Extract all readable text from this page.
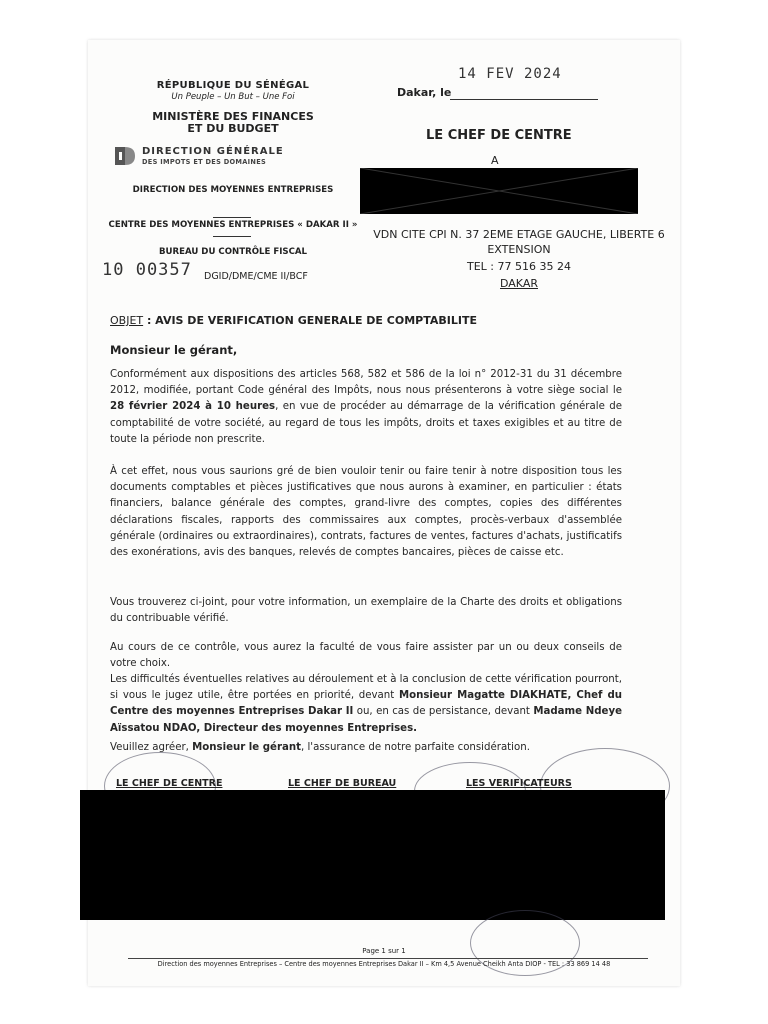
RÉPUBLIQUE DU SÉNÉGAL
Un Peuple – Un But – Une Foi
MINISTÈRE DES FINANCES
ET DU BUDGET
DIRECTION GÉNÉRALE
DES IMPOTS ET DES DOMAINES
DIRECTION DES MOYENNES ENTREPRISES
CENTRE DES MOYENNES ENTREPRISES « DAKAR II »
BUREAU DU CONTRÔLE FISCAL
10 00357 DGID/DME/CME II/BCF
Dakar, le
14 FEV 2024
LE CHEF DE CENTRE
A
VDN CITE CPI N. 37 2EME ETAGE GAUCHE, LIBERTE 6
EXTENSION
TEL : 77 516 35 24
DAKAR
OBJET : AVIS DE VERIFICATION GENERALE DE COMPTABILITE
Monsieur le gérant,
Conformément aux dispositions des articles 568, 582 et 586 de la loi n° 2012-31 du 31 décembre 2012, modifiée, portant Code général des Impôts, nous nous présenterons à votre siège social le 28 février 2024 à 10 heures, en vue de procéder au démarrage de la vérification générale de comptabilité de votre société, au regard de tous les impôts, droits et taxes exigibles et au titre de toute la période non prescrite.
À cet effet, nous vous saurions gré de bien vouloir tenir ou faire tenir à notre disposition tous les documents comptables et pièces justificatives que nous aurons à examiner, en particulier : états financiers, balance générale des comptes, grand-livre des comptes, copies des différentes déclarations fiscales, rapports des commissaires aux comptes, procès-verbaux d'assemblée générale (ordinaires ou extraordinaires), contrats, factures de ventes, factures d'achats, justificatifs des exonérations, avis des banques, relevés de comptes bancaires, pièces de caisse etc.
Vous trouverez ci-joint, pour votre information, un exemplaire de la Charte des droits et obligations du contribuable vérifié.
Au cours de ce contrôle, vous aurez la faculté de vous faire assister par un ou deux conseils de votre choix.
Les difficultés éventuelles relatives au déroulement et à la conclusion de cette vérification pourront, si vous le jugez utile, être portées en priorité, devant Monsieur Magatte DIAKHATE, Chef du Centre des moyennes Entreprises Dakar II ou, en cas de persistance, devant Madame Ndeye Aïssatou NDAO, Directeur des moyennes Entreprises.
Veuillez agréer, Monsieur le gérant, l'assurance de notre parfaite considération.
LE CHEF DE CENTRE	LE CHEF DE BUREAU	LES VERIFICATEURS
Page 1 sur 1
Direction des moyennes Entreprises – Centre des moyennes Entreprises Dakar II – Km 4,5 Avenue Cheikh Anta DIOP - TEL : 33 869 14 48
